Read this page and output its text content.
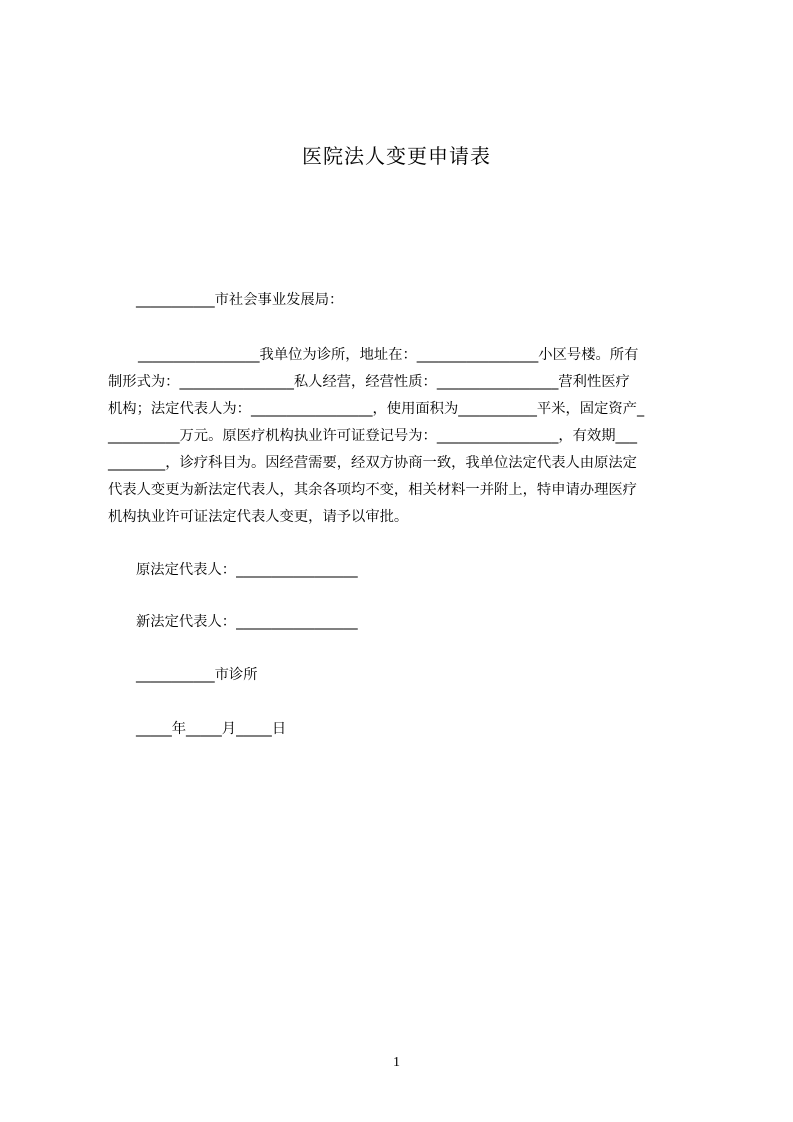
医院法人变更申请表
___________市社会事业发展局：
_________________我单位为诊所，地址在：_________________小区号楼。所有
制形式为：________________私人经营，经营性质：_________________营利性医疗
机构；法定代表人为：_________________，使用面积为___________平米，固定资产_
__________万元。原医疗机构执业许可证登记号为：_________________，有效期___
________，诊疗科目为。因经营需要，经双方协商一致，我单位法定代表人由原法定
代表人变更为新法定代表人，其余各项均不变，相关材料一并附上，特申请办理医疗
机构执业许可证法定代表人变更，请予以审批。
原法定代表人：_________________
新法定代表人：_________________
___________市诊所
_____年_____月_____日
1
